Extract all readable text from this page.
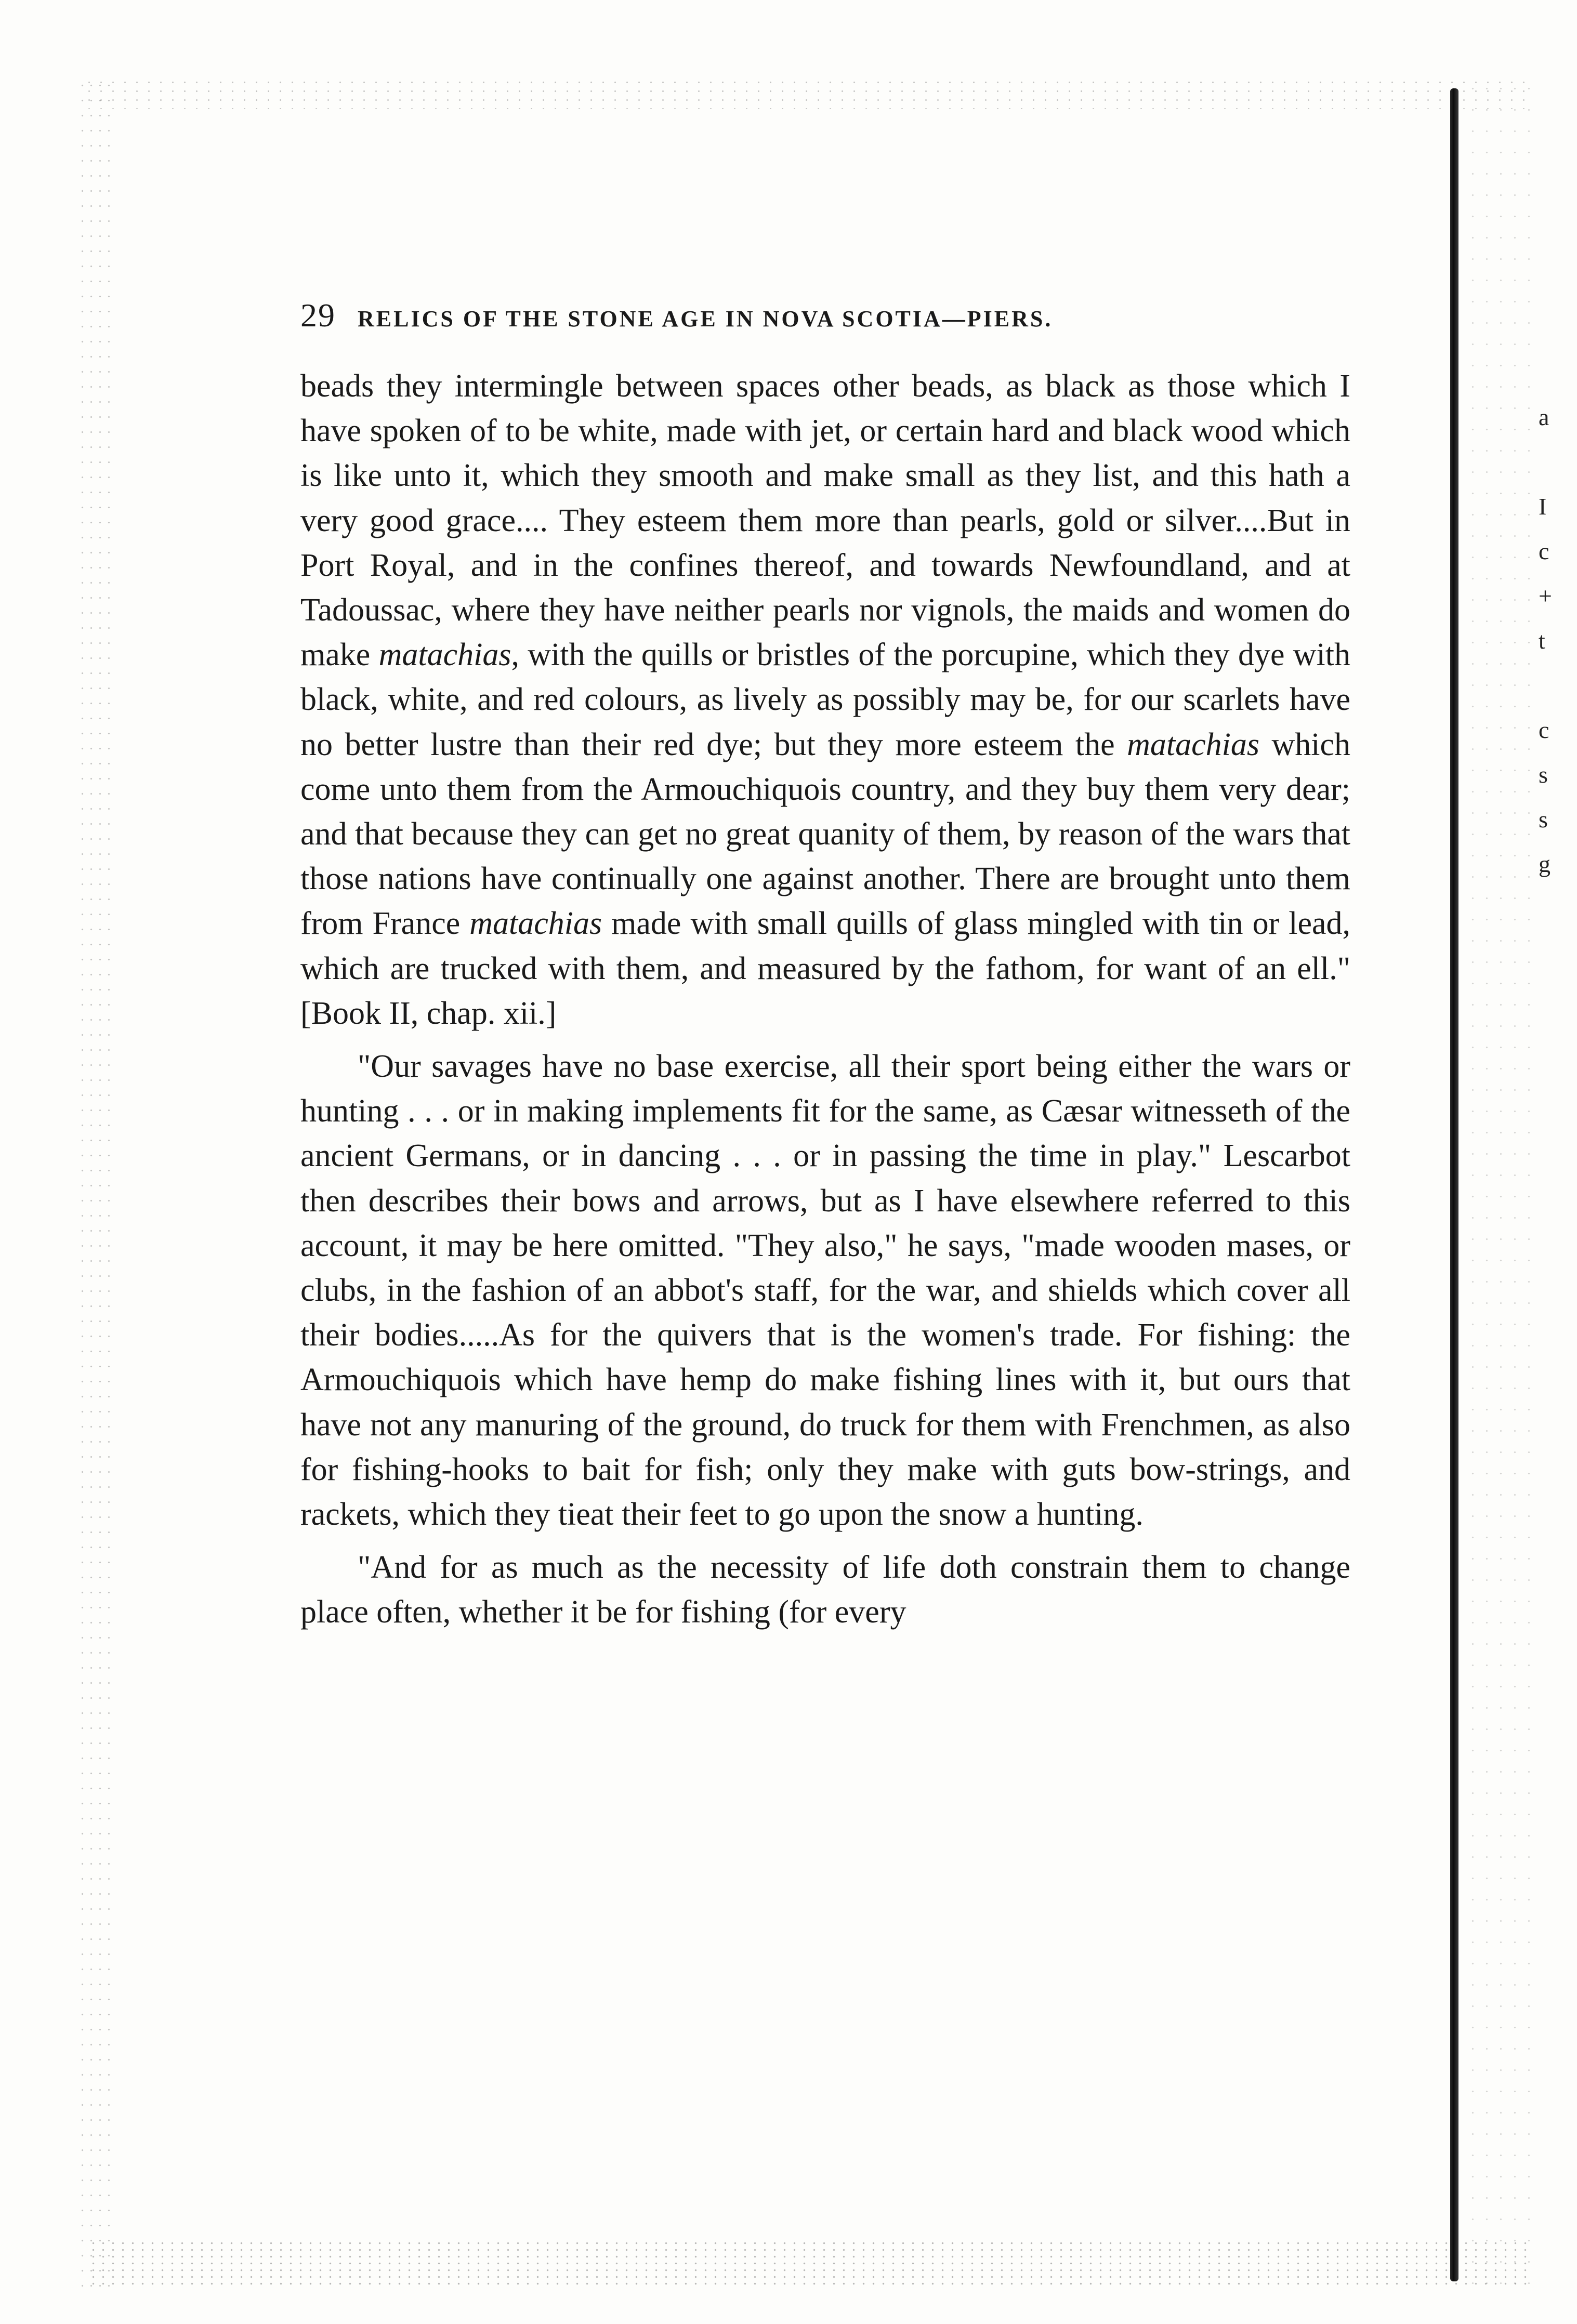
a

I
c
+
t

c
s
s
g
29 RELICS OF THE STONE AGE IN NOVA SCOTIA—PIERS.

beads they intermingle between spaces other beads, as black as those which I have spoken of to be white, made with jet, or certain hard and black wood which is like unto it, which they smooth and make small as they list, and this hath a very good grace.... They esteem them more than pearls, gold or silver....But in Port Royal, and in the confines thereof, and towards Newfoundland, and at Tadoussac, where they have neither pearls nor vignols, the maids and women do make matachias, with the quills or bristles of the porcupine, which they dye with black, white, and red colours, as lively as possibly may be, for our scarlets have no better lustre than their red dye; but they more esteem the matachias which come unto them from the Armouchiquois country, and they buy them very dear; and that because they can get no great quanity of them, by reason of the wars that those nations have continually one against another. There are brought unto them from France matachias made with small quills of glass mingled with tin or lead, which are trucked with them, and measured by the fathom, for want of an ell." [Book II, chap. xii.]

"Our savages have no base exercise, all their sport being either the wars or hunting . . . or in making implements fit for the same, as Cæsar witnesseth of the ancient Germans, or in dancing . . . or in passing the time in play." Lescarbot then describes their bows and arrows, but as I have elsewhere referred to this account, it may be here omitted. "They also," he says, "made wooden mases, or clubs, in the fashion of an abbot's staff, for the war, and shields which cover all their bodies.....As for the quivers that is the women's trade. For fishing: the Armouchiquois which have hemp do make fishing lines with it, but ours that have not any manuring of the ground, do truck for them with Frenchmen, as also for fishing-hooks to bait for fish; only they make with guts bow-strings, and rackets, which they tieat their feet to go upon the snow a hunting.

"And for as much as the necessity of life doth constrain them to change place often, whether it be for fishing (for every
